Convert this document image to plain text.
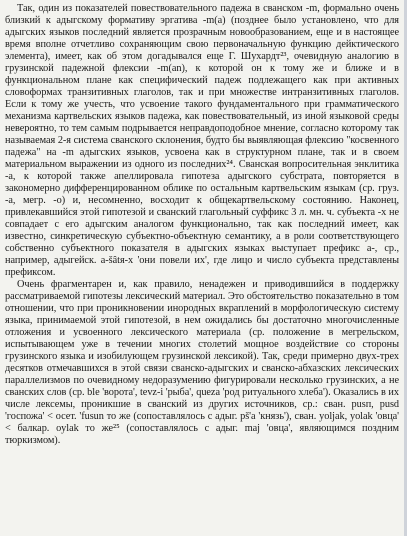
Так, один из показателей повествовательного падежа в сванском -m, формально очень близкий к адыгскому формативу эргатива -m(а) (позднее было установлено, что для адыгских языков последний является прозрачным новообразованием, еще и в настоящее время вполне отчетливо сохраняющим свою первоначальную функцию дейктического элемента), имеет, как об этом догадывался еще Г. Шухардт²³, очевидную аналогию в грузинской падежной флексии -m(an), к которой он к тому же и ближе и в функциональном плане как специфический падеж подлежащего как при активных словоформах транзитивных глаголов, так и при множестве интранзитивных глаголов. Если к тому же учесть, что усвоение такого фундаментального при грамматического механизма картвельских языков падежа, как повествовательный, из иной языковой среды невероятно, то тем самым подрывается неправдоподобное мнение, согласно которому так называемая 2-я система сванского склонения, будто бы выявляющая флексию "косвенного падежа" на -m адыгских языков, усвоена как в структурном плане, так и в своем материальном выражении из одного из последних²⁴. Сванская вопросительная энклитика -а, к которой также апеллировала гипотеза адыгского субстрата, повторяется в закономерно дифференцированном облике по остальным картвельским языкам (ср. груз. -а, мегр. -о) и, несомненно, восходит к общекартвельскому состоянию. Наконец, привлекавшийся этой гипотезой и сванский глагольный суффикс 3 л. мн. ч. субъекта -х не совпадает с его адыгским аналогом функционально, так как последний имеет, как известно, синкретическую субъектно-объектную семантику, а в роли соответствующего собственно субъектного показателя в адыгских языках выступает префикс а-, ср., например, адыгейск. а-šâtя-х 'они повели их', где лицо и число субъекта представлены префиксом.

Очень фрагментарен и, как правило, ненадежен и приводившийся в поддержку рассматриваемой гипотезы лексический материал. Это обстоятельство показательно в том отношении, что при проникновении инородных вкраплений в морфологическую систему языка, принимаемой этой гипотезой, в нем ожидались бы достаточно многочисленные отложения и усвоенного лексического материала (ср. положение в мегрельском, испытывающем уже в течении многих столетий мощное воздействие со стороны грузинского языка и изобилующем грузинской лексикой). Так, среди примерно двух-трех десятков отмечавшихся в этой связи сванско-адыгских и сванско-абхазских лексических параллелизмов по очевидному недоразумению фигурировали несколько грузинских, а не сванских слов (ср. ble 'ворота', tevz-i 'рыба', queza 'род ритуального хлеба'). Оказались в их числе лексемы, проникшие в сванский из других источников, ср.: сван. pusп, pusd 'госпожа' < осет. 'fusun то же (сопоставлялось с адыг. pš'a 'князь'), сван. yoljak, yolak 'овца' < балкар. oylak то же²⁵ (сопоставлялось с адыг. maj 'овца', являющимся поздним тюркизмом).
